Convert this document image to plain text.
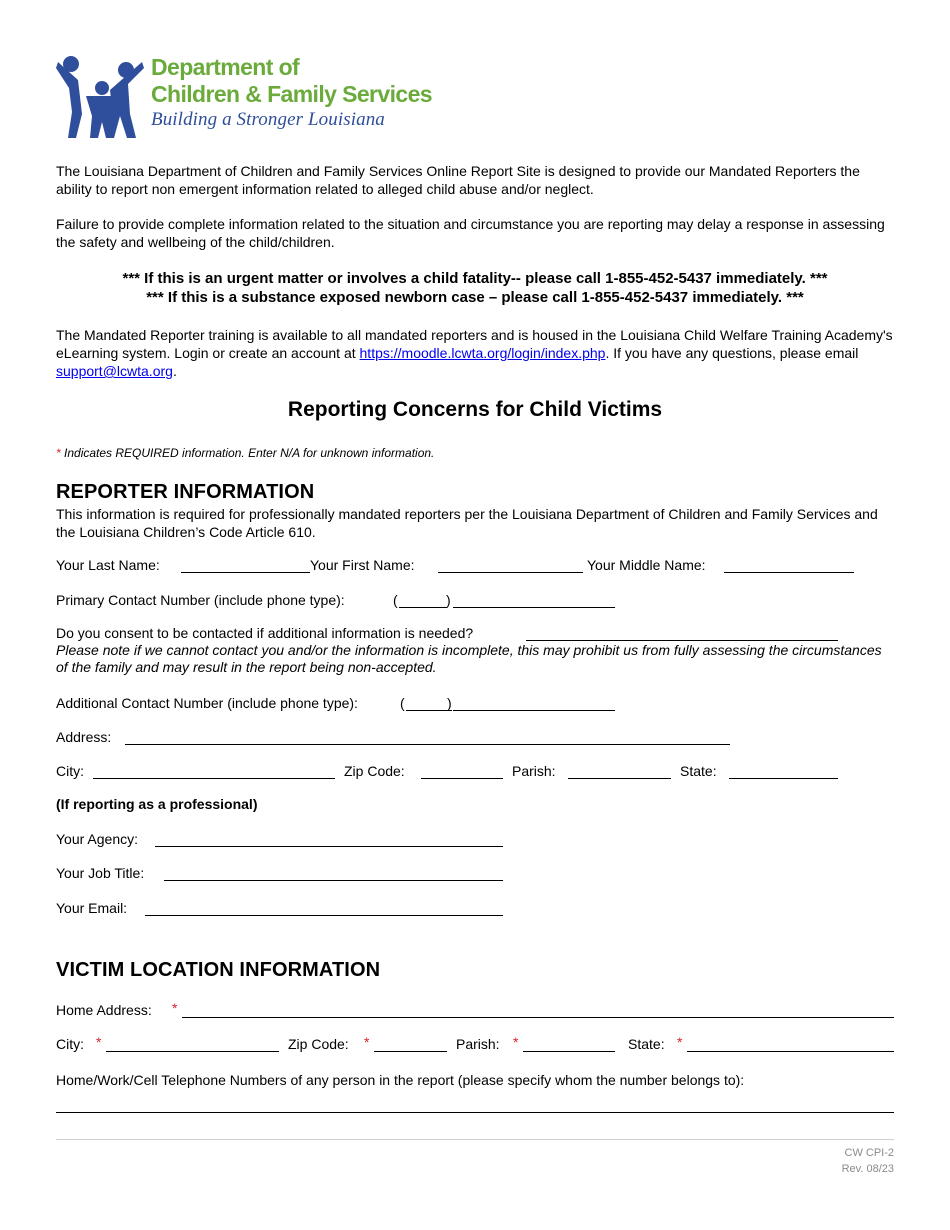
Department of
Children & Family Services
Building a Stronger Louisiana
The Louisiana Department of Children and Family Services Online Report Site is designed to provide our Mandated Reporters the ability to report non emergent information related to alleged child abuse and/or neglect.
Failure to provide complete information related to the situation and circumstance you are reporting may delay a response in assessing the safety and wellbeing of the child/children.
*** If this is an urgent matter or involves a child fatality-- please call 1-855-452-5437 immediately. ***
*** If this is a substance exposed newborn case – please call 1-855-452-5437 immediately. ***
The Mandated Reporter training is available to all mandated reporters and is housed in the Louisiana Child Welfare Training Academy's eLearning system. Login or create an account at https://moodle.lcwta.org/login/index.php. If you have any questions, please email support@lcwta.org.
Reporting Concerns for Child Victims
* Indicates REQUIRED information. Enter N/A for unknown information.
REPORTER INFORMATION
This information is required for professionally mandated reporters per the Louisiana Department of Children and Family Services and the Louisiana Children’s Code Article 610.
Your Last Name:	Your First Name:	Your Middle Name:
Primary Contact Number (include phone type):	(	)
Do you consent to be contacted if additional information is needed?
Please note if we cannot contact you and/or the information is incomplete, this may prohibit us from fully assessing the circumstances of the family and may result in the report being non-accepted.
Additional Contact Number (include phone type):	(	)
Address:
City:	Zip Code:	Parish:	State:
(If reporting as a professional)
Your Agency:
Your Job Title:
Your Email:
VICTIM LOCATION INFORMATION
Home Address: *
City: *	Zip Code: *	Parish: *	State: *
Home/Work/Cell Telephone Numbers of any person in the report (please specify whom the number belongs to):
CW CPI-2
Rev. 08/23
